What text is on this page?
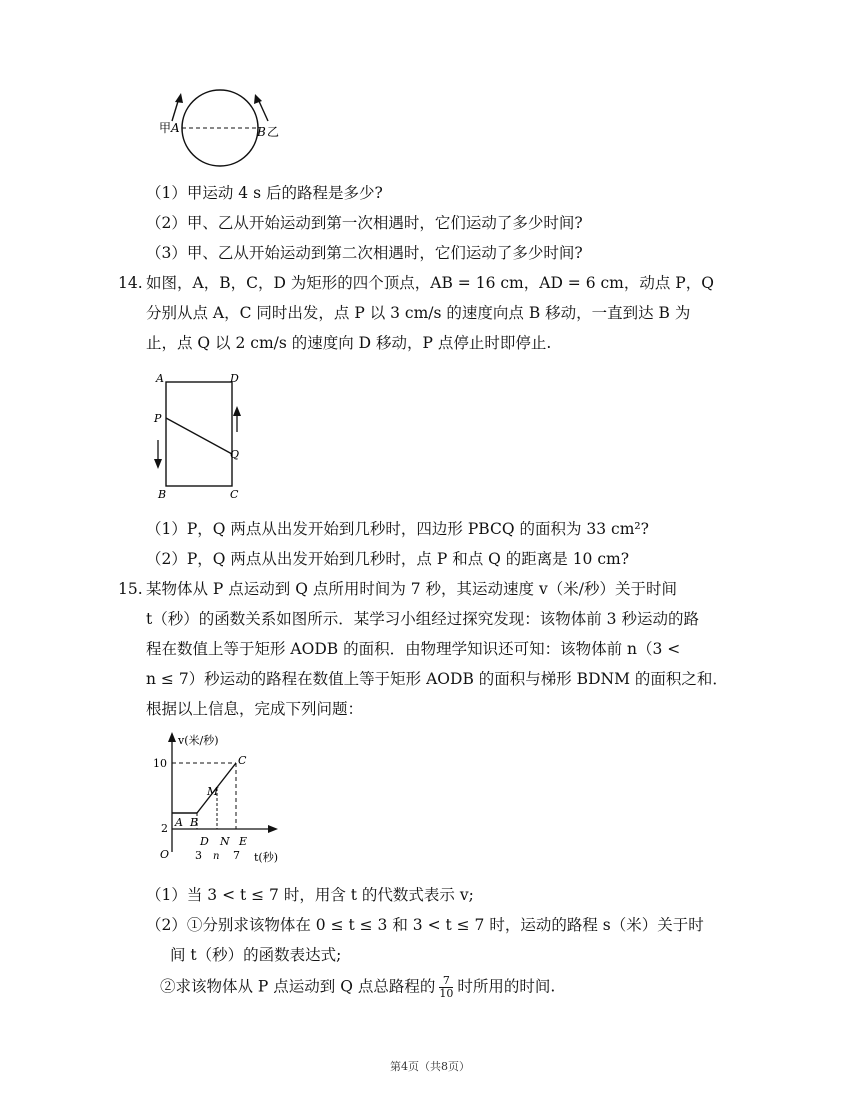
甲 A	B 乙
（1）甲运动 4 s 后的路程是多少?
（2）甲、乙从开始运动到第一次相遇时，它们运动了多少时间?
（3）甲、乙从开始运动到第二次相遇时，它们运动了多少时间?
14. 如图，A，B，C，D 为矩形的四个顶点，AB = 16 cm，AD = 6 cm，动点 P，Q
分别从点 A，C 同时出发，点 P 以 3 cm/s 的速度向点 B 移动，一直到达 B 为
止，点 Q 以 2 cm/s 的速度向 D 移动，P 点停止时即停止.
A	D
P
Q
B	C
（1）P，Q 两点从出发开始到几秒时，四边形 PBCQ 的面积为 33 cm²?
（2）P，Q 两点从出发开始到几秒时，点 P 和点 Q 的距离是 10 cm?
15. 某物体从 P 点运动到 Q 点所用时间为 7 秒，其运动速度 v（米/秒）关于时间
t（秒）的函数关系如图所示．某学习小组经过探究发现：该物体前 3 秒运动的路
程在数值上等于矩形 AODB 的面积．由物理学知识还可知：该物体前 n（3 <
n ≤ 7）秒运动的路程在数值上等于矩形 AODB 的面积与梯形 BDNM 的面积之和．
根据以上信息，完成下列问题：
v(米/秒)
10
2
O
C
M
A B
D N E
3 n 7 t(秒)
（1）当 3 < t ≤ 7 时，用含 t 的代数式表示 v;
（2）①分别求该物体在 0 ≤ t ≤ 3 和 3 < t ≤ 7 时，运动的路程 s（米）关于时
间 t（秒）的函数表达式;
②求该物体从 P 点运动到 Q 点总路程的 $\frac{7}{10}$ 时所用的时间.
第4页（共8页）
